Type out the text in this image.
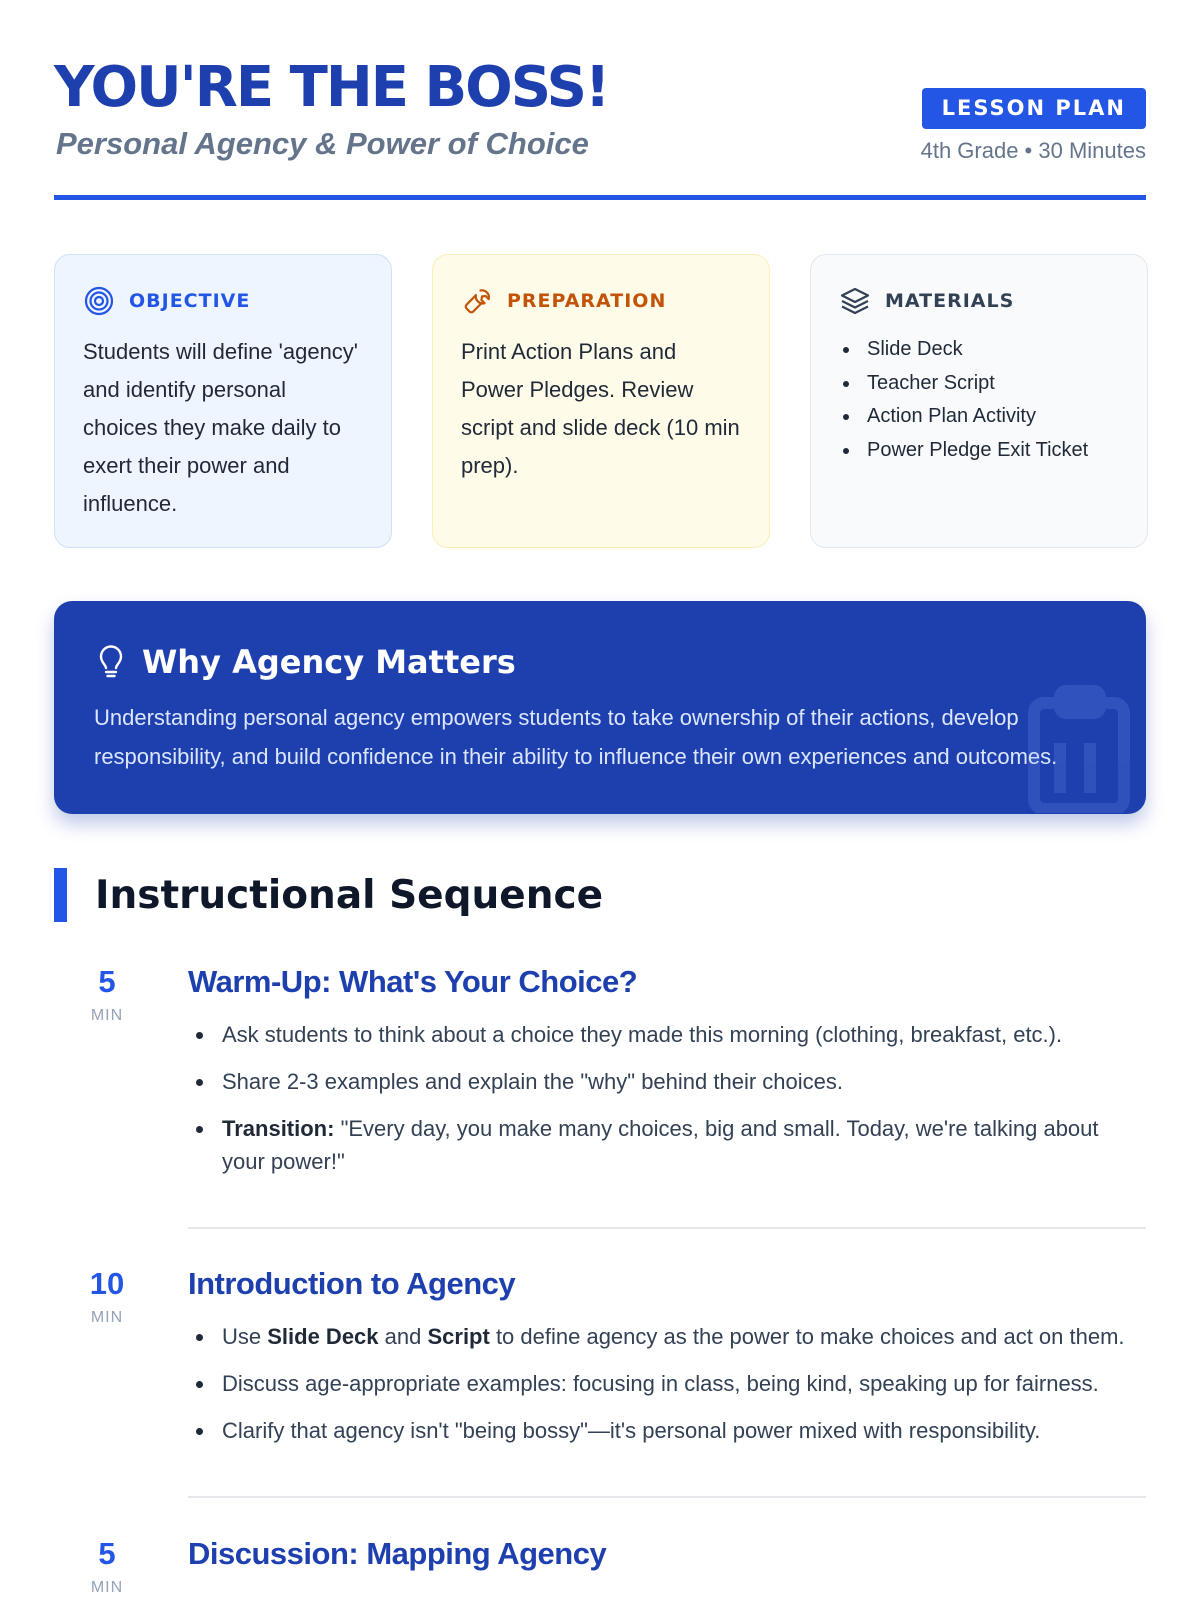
YOU'RE THE BOSS!
Personal Agency & Power of Choice
LESSON PLAN
4th Grade • 30 Minutes
OBJECTIVE

Students will define 'agency' and identify personal choices they make daily to exert their power and influence.

PREPARATION

Print Action Plans and Power Pledges. Review script and slide deck (10 min prep).

MATERIALS
Slide Deck
Teacher Script
Action Plan Activity
Power Pledge Exit Ticket
Why Agency Matters

Understanding personal agency empowers students to take ownership of their actions, develop responsibility, and build confidence in their ability to influence their own experiences and outcomes.

Instructional Sequence
5
MIN
Warm-Up: What's Your Choice?
Ask students to think about a choice they made this morning (clothing, breakfast, etc.).
Share 2-3 examples and explain the "why" behind their choices.
Transition: "Every day, you make many choices, big and small. Today, we're talking about your power!"
10
MIN
Introduction to Agency
Use Slide Deck and Script to define agency as the power to make choices and act on them.
Discuss age-appropriate examples: focusing in class, being kind, speaking up for fairness.
Clarify that agency isn't "being bossy"—it's personal power mixed with responsibility.
5
MIN
Discussion: Mapping Agency
